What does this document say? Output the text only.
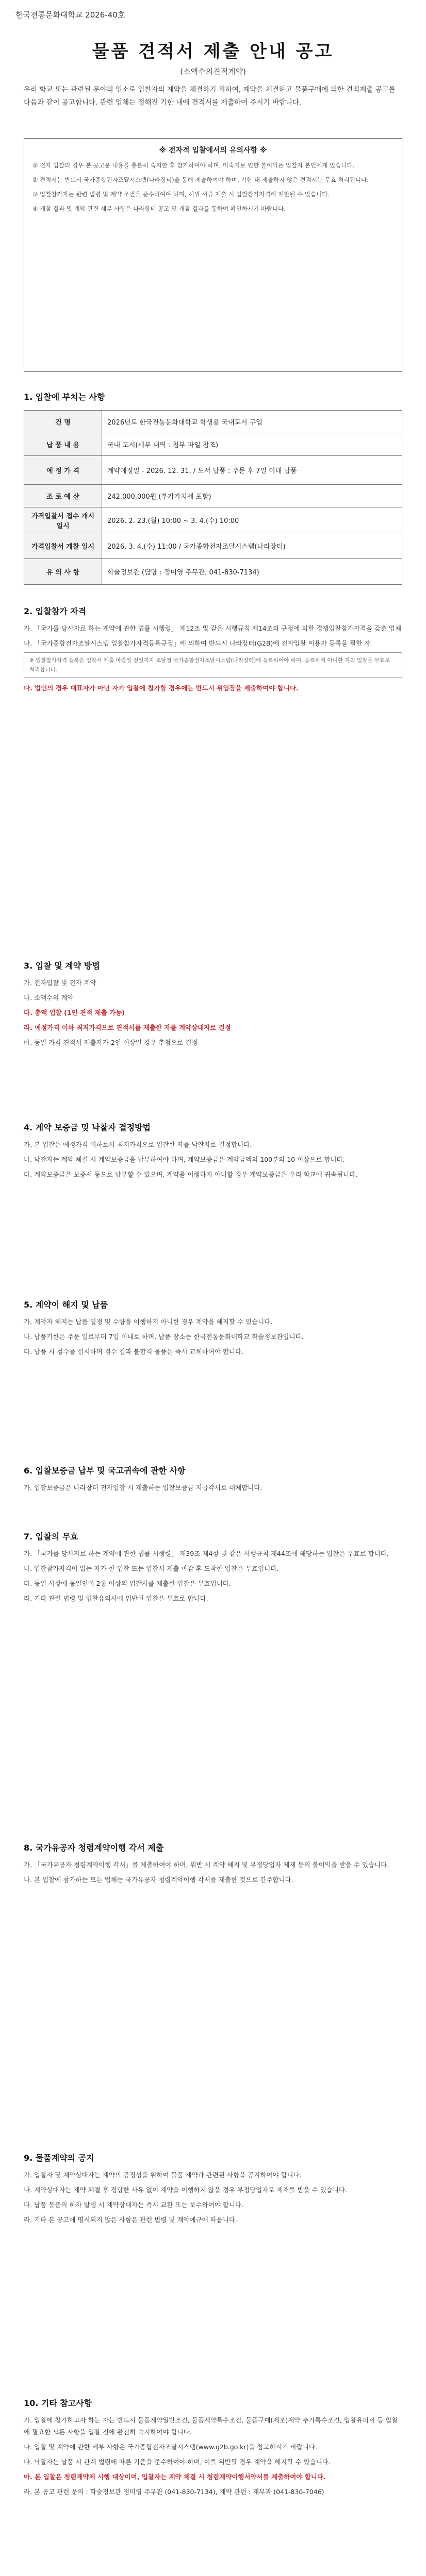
한국전통문화대학교 2026-40호
물품 견적서 제출 안내 공고
(소액수의견적계약)
우리 학교 또는 관련된 분야의 업소로 입찰자의 계약을 체결하기 위하여, 계약을 체결하고 물품구매에 의한 견적제출 공고를 다음과 같이 공고합니다. 관련 업체는 정해진 기한 내에 견적서를 제출하여 주시기 바랍니다.
※ 전자적 입찰에서의 유의사항 ※
① 전자 입찰의 경우 본 공고문 내용을 충분히 숙지한 후 참가하여야 하며, 미숙지로 인한 불이익은 입찰자 본인에게 있습니다.
② 견적서는 반드시 국가종합전자조달시스템(나라장터)을 통해 제출하여야 하며, 기한 내 제출하지 않은 견적서는 무효 처리됩니다.
③ 입찰참가자는 관련 법령 및 계약 조건을 준수하여야 하며, 허위 서류 제출 시 입찰참가자격이 제한될 수 있습니다.
④ 개찰 결과 및 계약 관련 세부 사항은 나라장터 공고 및 개찰 결과를 통하여 확인하시기 바랍니다.
1. 입찰에 부치는 사항
건 명	2026년도 한국전통문화대학교 학생용 국내도서 구입
납 품 내 용	국내 도서(세부 내역 : 첨부 파일 참조)
예 정 가 격	계약예정일 - 2026. 12. 31. / 도서 납품 : 주문 후 7일 이내 납품
조 로 예 산	242,000,000원 (부가가치세 포함)
가격입찰서 접수 개시일시	2026. 2. 23.(월) 10:00 ~ 3. 4.(수) 10:00
가격입찰서 개찰 일시	2026. 3. 4.(수) 11:00 / 국가종합전자조달시스템(나라장터)
유 의 사 항	학술정보관 (담당 : 정미영 주무관, 041-830-7134)
2. 입찰참가 자격

가. 「국가를 당사자로 하는 계약에 관한 법률 시행령」 제12조 및 같은 시행규칙 제14조의 규정에 의한 경쟁입찰참가자격을 갖춘 업체

나. 「국가종합전자조달시스템 입찰참가자격등록규정」에 의하여 반드시 나라장터(G2B)에 전자입찰 이용자 등록을 필한 자

※ 입찰참가자격 등록은 입찰서 제출 마감일 전일까지 조달청 국가종합전자조달시스템(나라장터)에 등록하여야 하며, 등록하지 아니한 자의 입찰은 무효로 처리합니다.

다. 법인의 경우 대표자가 아닌 자가 입찰에 참가할 경우에는 반드시 위임장을 제출하여야 합니다.

3. 입찰 및 계약 방법

가. 전자입찰 및 전자 계약

나. 소액수의 계약

다. 총액 입찰 (1인 견적 제출 가능)

라. 예정가격 이하 최저가격으로 견적서를 제출한 자를 계약상대자로 결정

마. 동일 가격 견적서 제출자가 2인 이상일 경우 추첨으로 결정

4. 계약 보증금 및 낙찰자 결정방법

가. 본 입찰은 예정가격 이하로서 최저가격으로 입찰한 자를 낙찰자로 결정합니다.

나. 낙찰자는 계약 체결 시 계약보증금을 납부하여야 하며, 계약보증금은 계약금액의 100분의 10 이상으로 합니다.

다. 계약보증금은 보증서 등으로 납부할 수 있으며, 계약을 이행하지 아니할 경우 계약보증금은 우리 학교에 귀속됩니다.

5. 계약이 해지 및 납품

가. 계약자 해지는 납품 일정 및 수량을 이행하지 아니한 경우 계약을 해지할 수 있습니다.

나. 납품기한은 주문 일로부터 7일 이내로 하며, 납품 장소는 한국전통문화대학교 학술정보관입니다.

다. 납품 시 검수를 실시하며 검수 결과 불합격 물품은 즉시 교체하여야 합니다.

6. 입찰보증금 납부 및 국고귀속에 관한 사항

가. 입찰보증금은 나라장터 전자입찰 시 제출하는 입찰보증금 지급각서로 대체합니다.

7. 입찰의 무효

가. 「국가를 당사자로 하는 계약에 관한 법률 시행령」 제39조 제4항 및 같은 시행규칙 제44조에 해당하는 입찰은 무효로 합니다.

나. 입찰참가자격이 없는 자가 한 입찰 또는 입찰서 제출 마감 후 도착한 입찰은 무효입니다.

다. 동일 사항에 동일인이 2통 이상의 입찰서를 제출한 입찰은 무효입니다.

라. 기타 관련 법령 및 입찰유의서에 위반된 입찰은 무효로 합니다.

8. 국가유공자 청렴계약이행 각서 제출

가. 「국가유공자 청렴계약이행 각서」를 제출하여야 하며, 위반 시 계약 해지 및 부정당업자 제재 등의 불이익을 받을 수 있습니다.

나. 본 입찰에 참가하는 모든 업체는 국가유공자 청렴계약이행 각서를 제출한 것으로 간주합니다.

9. 물품계약의 공지

가. 입찰자 및 계약상대자는 계약의 공정성을 위하여 물품 계약과 관련된 사항을 공지하여야 합니다.

나. 계약상대자는 계약 체결 후 정당한 사유 없이 계약을 이행하지 않을 경우 부정당업자로 제재를 받을 수 있습니다.

다. 납품 물품의 하자 발생 시 계약상대자는 즉시 교환 또는 보수하여야 합니다.

라. 기타 본 공고에 명시되지 않은 사항은 관련 법령 및 계약예규에 따릅니다.

10. 기타 참고사항

가. 입찰에 참가하고자 하는 자는 반드시 물품계약일반조건, 물품계약특수조건, 물품구매(제조)계약 추가특수조건, 입찰유의서 등 입찰에 필요한 모든 사항을 입찰 전에 완전히 숙지하여야 합니다.

나. 입찰 및 계약에 관한 세부 사항은 국가종합전자조달시스템(www.g2b.go.kr)을 참고하시기 바랍니다.

다. 낙찰자는 납품 시 관계 법령에 따른 기준을 준수하여야 하며, 이를 위반할 경우 계약을 해지할 수 있습니다.

마. 본 입찰은 청렴계약제 시행 대상이며, 입찰자는 계약 체결 시 청렴계약이행서약서를 제출하여야 합니다.

라. 본 공고 관련 문의 : 학술정보관 정미영 주무관 (041-830-7134), 계약 관련 : 재무과 (041-830-7046)
